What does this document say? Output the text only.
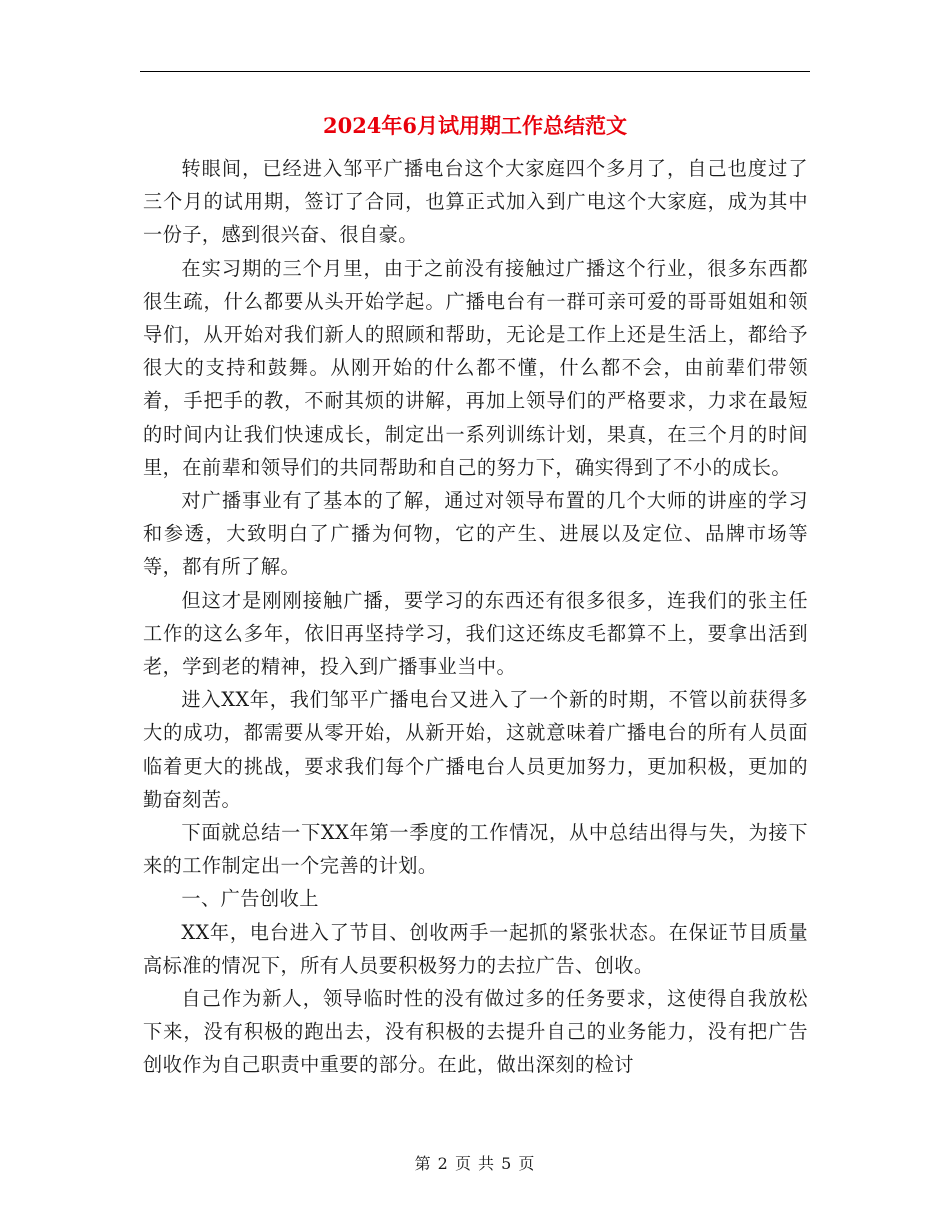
2024年6月试用期工作总结范文

转眼间，已经进入邹平广播电台这个大家庭四个多月了，自己也度过了三个月的试用期，签订了合同，也算正式加入到广电这个大家庭，成为其中一份子，感到很兴奋、很自豪。

在实习期的三个月里，由于之前没有接触过广播这个行业，很多东西都很生疏，什么都要从头开始学起。广播电台有一群可亲可爱的哥哥姐姐和领导们，从开始对我们新人的照顾和帮助，无论是工作上还是生活上，都给予很大的支持和鼓舞。从刚开始的什么都不懂，什么都不会，由前辈们带领着，手把手的教，不耐其烦的讲解，再加上领导们的严格要求，力求在最短的时间内让我们快速成长，制定出一系列训练计划，果真，在三个月的时间里，在前辈和领导们的共同帮助和自己的努力下，确实得到了不小的成长。

对广播事业有了基本的了解，通过对领导布置的几个大师的讲座的学习和参透，大致明白了广播为何物，它的产生、进展以及定位、品牌市场等等，都有所了解。

但这才是刚刚接触广播，要学习的东西还有很多很多，连我们的张主任工作的这么多年，依旧再坚持学习，我们这还练皮毛都算不上，要拿出活到老，学到老的精神，投入到广播事业当中。

进入XX年，我们邹平广播电台又进入了一个新的时期，不管以前获得多大的成功，都需要从零开始，从新开始，这就意味着广播电台的所有人员面临着更大的挑战，要求我们每个广播电台人员更加努力，更加积极，更加的勤奋刻苦。

下面就总结一下XX年第一季度的工作情况，从中总结出得与失，为接下来的工作制定出一个完善的计划。

一、广告创收上

XX年，电台进入了节目、创收两手一起抓的紧张状态。在保证节目质量高标准的情况下，所有人员要积极努力的去拉广告、创收。

自己作为新人，领导临时性的没有做过多的任务要求，这使得自我放松下来，没有积极的跑出去，没有积极的去提升自己的业务能力，没有把广告创收作为自己职责中重要的部分。在此，做出深刻的检讨

第 2 页 共 5 页
